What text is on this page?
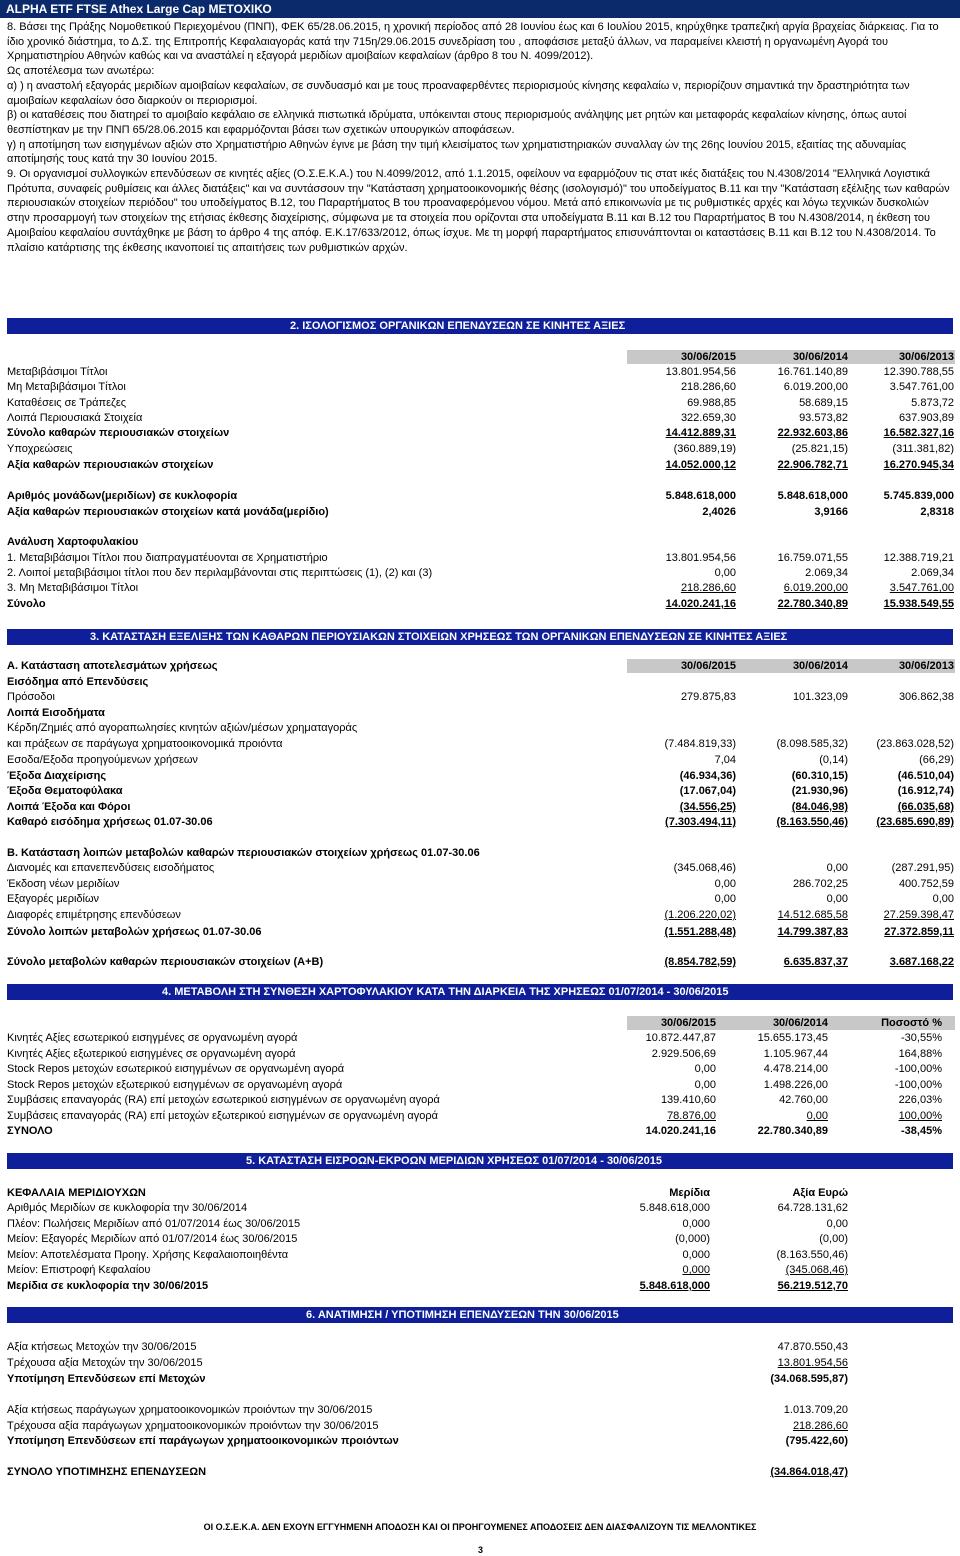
ALPHA ETF FTSE Athex Large Cap ΜΕΤΟΧΙΚΟ

8. Βάσει της Πράξης Νομοθετικού Περιεχομένου (ΠΝΠ), ΦΕΚ 65/28.06.2015, η χρονική περίοδος από 28 Ιουνίου έως και 6 Ιουλίου 2015, κηρύχθηκε τραπεζική αργία βραχείας διάρκειας. Για το ίδιο χρονικό διάστημα, το Δ.Σ. της Επιτροπής Κεφαλαιαγοράς κατά την 715η/29.06.2015 συνεδρίαση του , αποφάσισε μεταξύ άλλων, να παραμείνει κλειστή η οργανωμένη Αγορά του Χρηματιστηρίου Αθηνών καθώς και να αναστάλεί η εξαγορά μεριδίων αμοιβαίων κεφαλαίων (άρθρο 8 του Ν. 4099/2012).

Ως αποτέλεσμα των ανωτέρω:

α) ) η αναστολή εξαγοράς μεριδίων αμοιβαίων κεφαλαίων, σε συνδυασμό και με τους προαναφερθέντες περιορισμούς κίνησης κεφαλαίω ν, περιορίζουν σημαντικά την δραστηριότητα των αμοιβαίων κεφαλαίων όσο διαρκούν οι περιορισμοί.

β) οι καταθέσεις που διατηρεί το αμοιβαίο κεφάλαιο σε ελληνικά πιστωτικά ιδρύματα, υπόκεινται στους περιορισμούς ανάληψης μετ ρητών και μεταφοράς κεφαλαίων κίνησης, όπως αυτοί θεσπίστηκαν με την ΠΝΠ 65/28.06.2015 και εφαρμόζονται βάσει των σχετικών υπουργικών αποφάσεων.

γ) η αποτίμηση των εισηγμένων αξιών στο Χρηματιστήριο Αθηνών έγινε με βάση την τιμή κλεισίματος των χρηματιστηριακών συναλλαγ ών της 26ης Ιουνίου 2015, εξαιτίας της αδυναμίας αποτίμησής τους κατά την 30 Ιουνίου 2015.

9. Οι οργανισμοί συλλογικών επενδύσεων σε κινητές αξίες (Ο.Σ.Ε.Κ.Α.) του Ν.4099/2012, από 1.1.2015, οφείλουν να εφαρμόζουν τις στατ ικές διατάξεις του Ν.4308/2014 "Ελληνικά Λογιστικά Πρότυπα, συναφείς ρυθμίσεις και άλλες διατάξεις" και να συντάσσουν την "Κατάσταση χρηματοοικονομικής θέσης (ισολογισμό)" του υποδείγματος Β.11 και την "Κατάσταση εξέλιξης των καθαρών περιουσιακών στοιχείων περιόδου" του υποδείγματος Β.12, του Παραρτήματος Β του προαναφερόμενου νόμου. Μετά από επικοινωνία με τις ρυθμιστικές αρχές και λόγω τεχνικών δυσκολιών στην προσαρμογή των στοιχείων της ετήσιας έκθεσης διαχείρισης, σύμφωνα με τα στοιχεία που ορίζονται στα υποδείγματα Β.11 και Β.12 του Παραρτήματος Β του Ν.4308/2014, η έκθεση του Αμοιβαίου κεφαλαίου συντάχθηκε με βάση το άρθρο 4 της απόφ. Ε.Κ.17/633/2012, όπως ίσχυε. Με τη μορφή παραρτήματος επισυνάπτονται οι καταστάσεις Β.11 και Β.12 του Ν.4308/2014. Το πλαίσιο κατάρτισης της έκθεσης ικανοποιεί τις απαιτήσεις των ρυθμιστικών αρχών.

2. ΙΣΟΛΟΓΙΣΜΟΣ ΟΡΓΑΝΙΚΩΝ ΕΠΕΝΔΥΣΕΩΝ ΣΕ ΚΙΝΗΤΕΣ ΑΞΙΕΣ
30/06/2015	30/06/2014	30/06/2013
Μεταβιβάσιμοι Τίτλοι	13.801.954,56	16.761.140,89	12.390.788,55
Μη Μεταβιβάσιμοι Τίτλοι	218.286,60	6.019.200,00	3.547.761,00
Καταθέσεις σε Τράπεζες	69.988,85	58.689,15	5.873,72
Λοιπά Περιουσιακά Στοιχεία	322.659,30	93.573,82	637.903,89
Σύνολο καθαρών περιουσιακών στοιχείων	14.412.889,31	22.932.603,86	16.582.327,16
Υποχρεώσεις	(360.889,19)	(25.821,15)	(311.381,82)
Αξία καθαρών περιουσιακών στοιχείων	14.052.000,12	22.906.782,71	16.270.945,34
Αριθμός μονάδων(μεριδίων) σε κυκλοφορία	5.848.618,000	5.848.618,000	5.745.839,000
Αξία καθαρών περιουσιακών στοιχείων κατά μονάδα(μερίδιο)	2,4026	3,9166	2,8318
Ανάλυση Χαρτοφυλακίου
1. Μεταβιβάσιμοι Τίτλοι που διαπραγματέυονται σε Χρηματιστήριο	13.801.954,56	16.759.071,55	12.388.719,21
2. Λοιποί μεταβιβάσιμοι τίτλοι που δεν περιλαμβάνονται στις περιπτώσεις (1), (2) και (3)	0,00	2.069,34	2.069,34
3. Μη Μεταβιβάσιμοι Τίτλοι	218.286,60	6.019.200,00	3.547.761,00
Σύνολο	14.020.241,16	22.780.340,89	15.938.549,55
3. ΚΑΤΑΣΤΑΣΗ ΕΞΕΛΙΞΗΣ ΤΩΝ ΚΑΘΑΡΩΝ ΠΕΡΙΟΥΣΙΑΚΩΝ ΣΤΟΙΧΕΙΩΝ ΧΡΗΣΕΩΣ ΤΩΝ ΟΡΓΑΝΙΚΩΝ ΕΠΕΝΔΥΣΕΩΝ ΣΕ ΚΙΝΗΤΕΣ ΑΞΙΕΣ
Α. Κατάσταση αποτελεσμάτων χρήσεως	30/06/2015	30/06/2014	30/06/2013
Εισόδημα από Επενδύσεις
Πρόσοδοι	279.875,83	101.323,09	306.862,38
Λοιπά Εισοδήματα
Κέρδη/Ζημιές από αγοραπωλησίες κινητών αξιών/μέσων χρηματαγοράς
και πράξεων σε παράγωγα χρηματοοικονομικά προιόντα	(7.484.819,33)	(8.098.585,32)	(23.863.028,52)
Εσοδα/Εξοδα προηγούμενων χρήσεων	7,04	(0,14)	(66,29)
Έξοδα Διαχείρισης	(46.934,36)	(60.310,15)	(46.510,04)
Έξοδα Θεματοφύλακα	(17.067,04)	(21.930,96)	(16.912,74)
Λοιπά Έξοδα και Φόροι	(34.556,25)	(84.046,98)	(66.035,68)
Καθαρό εισόδημα χρήσεως 01.07-30.06	(7.303.494,11)	(8.163.550,46)	(23.685.690,89)
Β. Κατάσταση λοιπών μεταβολών καθαρών περιουσιακών στοιχείων χρήσεως 01.07-30.06
Διανομές και επανεπενδύσεις εισοδήματος	(345.068,46)	0,00	(287.291,95)
Έκδοση νέων μεριδίων	0,00	286.702,25	400.752,59
Εξαγορές μεριδίων	0,00	0,00	0,00
Διαφορές επιμέτρησης επενδύσεων	(1.206.220,02)	14.512.685,58	27.259.398,47
Σύνολο λοιπών μεταβολών χρήσεως 01.07-30.06	(1.551.288,48)	14.799.387,83	27.372.859,11
Σύνολο μεταβολών καθαρών περιουσιακών στοιχείων (Α+Β)	(8.854.782,59)	6.635.837,37	3.687.168,22
4. ΜΕΤΑΒΟΛΗ ΣΤΗ ΣΥΝΘΕΣΗ ΧΑΡΤΟΦΥΛΑΚΙΟΥ ΚΑΤΑ ΤΗΝ ΔΙΑΡΚΕΙΑ ΤΗΣ ΧΡΗΣΕΩΣ 01/07/2014 - 30/06/2015
30/06/2015	30/06/2014	Ποσοστό %
Κινητές Αξίες εσωτερικού εισηγμένες σε οργανωμένη αγορά	10.872.447,87	15.655.173,45	-30,55%
Κινητές Αξίες εξωτερικού εισηγμένες σε οργανωμένη αγορά	2.929.506,69	1.105.967,44	164,88%
Stock Repos μετοχών εσωτερικού εισηγμένων σε οργανωμένη αγορά	0,00	4.478.214,00	-100,00%
Stock Repos μετοχών εξωτερικού εισηγμένων σε οργανωμένη αγορά	0,00	1.498.226,00	-100,00%
Συμβάσεις επαναγοράς (RA) επί μετοχών εσωτερικού εισηγμένων σε οργανωμένη αγορά	139.410,60	42.760,00	226,03%
Συμβάσεις επαναγοράς (RA) επί μετοχών εξωτερικού εισηγμένων σε οργανωμένη αγορά	78.876,00	0,00	100,00%
ΣΥΝΟΛΟ	14.020.241,16	22.780.340,89	-38,45%
5. ΚΑΤΑΣΤΑΣΗ ΕΙΣΡΟΩΝ-ΕΚΡΟΩΝ ΜΕΡΙΔΙΩΝ ΧΡΗΣΕΩΣ 01/07/2014 - 30/06/2015
ΚΕΦΑΛΑΙΑ ΜΕΡΙΔΙΟΥΧΩΝ	Μερίδια	Αξία Ευρώ
Αριθμός Μεριδίων σε κυκλοφορία την 30/06/2014	5.848.618,000	64.728.131,62
Πλέον: Πωλήσεις Μεριδίων από 01/07/2014 έως 30/06/2015	0,000	0,00
Μείον: Εξαγορές Μεριδίων από 01/07/2014 έως 30/06/2015	(0,000)	(0,00)
Μείον: Αποτελέσματα Προηγ. Χρήσης Κεφαλαιοποιηθέντα	0,000	(8.163.550,46)
Μείον: Επιστροφή Κεφαλαίου	0,000	(345.068,46)
Μερίδια σε κυκλοφορία την 30/06/2015	5.848.618,000	56.219.512,70
6. ΑΝΑΤΙΜΗΣΗ / ΥΠΟΤΙΜΗΣΗ ΕΠΕΝΔΥΣΕΩΝ ΤΗΝ 30/06/2015
Αξία κτήσεως Μετοχών την 30/06/2015	47.870.550,43
Τρέχουσα αξία Μετοχών την 30/06/2015	13.801.954,56
Υποτίμηση Επενδύσεων επί Μετοχών	(34.068.595,87)
Αξία κτήσεως παράγωγων χρηματοοικονομικών προιόντων την 30/06/2015	1.013.709,20
Τρέχουσα αξία παράγωγων χρηματοοικονομικών προιόντων την 30/06/2015	218.286,60
Υποτίμηση Επενδύσεων επί παράγωγων χρηματοοικονομικών προιόντων	(795.422,60)
ΣΥΝΟΛΟ ΥΠΟΤΙΜΗΣΗΣ ΕΠΕΝΔΥΣΕΩΝ	(34.864.018,47)
ΟΙ Ο.Σ.Ε.Κ.Α. ΔΕΝ ΕΧΟΥΝ ΕΓΓΥΗΜΕΝΗ ΑΠΟΔΟΣΗ ΚΑΙ ΟΙ ΠΡΟΗΓΟΥΜΕΝΕΣ ΑΠΟΔΟΣΕΙΣ ΔΕΝ ΔΙΑΣΦΑΛΙΖΟΥΝ ΤΙΣ ΜΕΛΛΟΝΤΙΚΕΣ
3
